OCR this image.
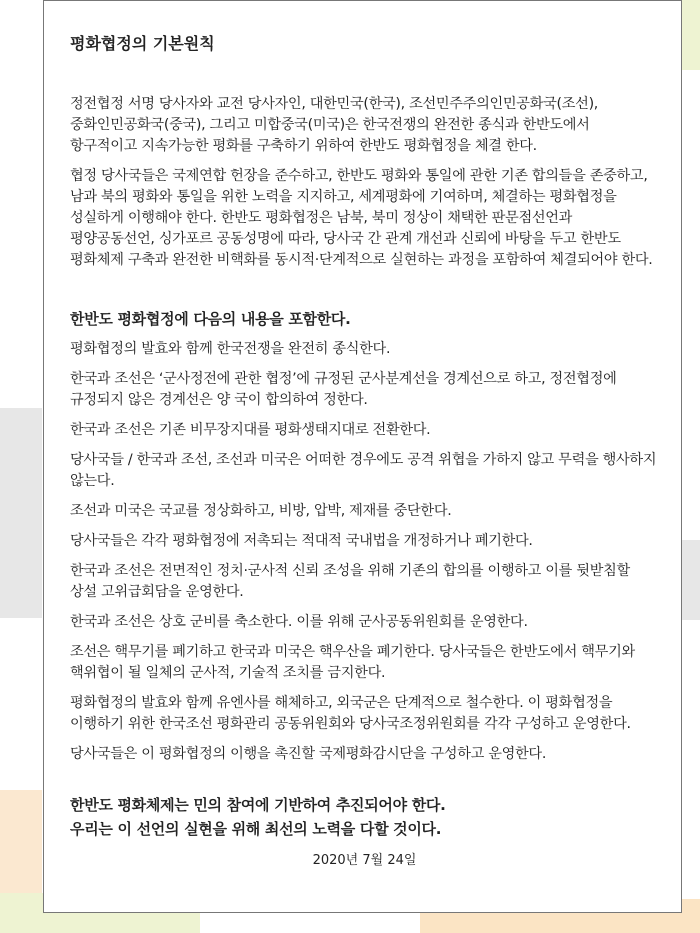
평화협정의 기본원칙

정전협정 서명 당사자와 교전 당사자인, 대한민국(한국), 조선민주주의인민공화국(조선), 중화인민공화국(중국), 그리고 미합중국(미국)은 한국전쟁의 완전한 종식과 한반도에서 항구적이고 지속가능한 평화를 구축하기 위하여 한반도 평화협정을 체결 한다.

협정 당사국들은 국제연합 헌장을 준수하고, 한반도 평화와 통일에 관한 기존 합의들을 존중하고, 남과 북의 평화와 통일을 위한 노력을 지지하고, 세계평화에 기여하며, 체결하는 평화협정을 성실하게 이행해야 한다. 한반도 평화협정은 남북, 북미 정상이 채택한 판문점선언과 평양공동선언, 싱가포르 공동성명에 따라, 당사국 간 관계 개선과 신뢰에 바탕을 두고 한반도 평화체제 구축과 완전한 비핵화를 동시적·단계적으로 실현하는 과정을 포함하여 체결되어야 한다.

한반도 평화협정에 다음의 내용을 포함한다.

평화협정의 발효와 함께 한국전쟁을 완전히 종식한다.

한국과 조선은 ‘군사정전에 관한 협정’에 규정된 군사분계선을 경계선으로 하고, 정전협정에 규정되지 않은 경계선은 양 국이 합의하여 정한다.

한국과 조선은 기존 비무장지대를 평화생태지대로 전환한다.

당사국들 / 한국과 조선, 조선과 미국은 어떠한 경우에도 공격 위협을 가하지 않고 무력을 행사하지 않는다.

조선과 미국은 국교를 정상화하고, 비방, 압박, 제재를 중단한다.

당사국들은 각각 평화협정에 저촉되는 적대적 국내법을 개정하거나 폐기한다.

한국과 조선은 전면적인 정치·군사적 신뢰 조성을 위해 기존의 합의를 이행하고 이를 뒷받침할 상설 고위급회담을 운영한다.

한국과 조선은 상호 군비를 축소한다. 이를 위해 군사공동위원회를 운영한다.

조선은 핵무기를 폐기하고 한국과 미국은 핵우산을 폐기한다. 당사국들은 한반도에서 핵무기와 핵위협이 될 일체의 군사적, 기술적 조치를 금지한다.

평화협정의 발효와 함께 유엔사를 해체하고, 외국군은 단계적으로 철수한다. 이 평화협정을 이행하기 위한 한국조선 평화관리 공동위원회와 당사국조정위원회를 각각 구성하고 운영한다.

당사국들은 이 평화협정의 이행을 촉진할 국제평화감시단을 구성하고 운영한다.

한반도 평화체제는 민의 참여에 기반하여 추진되어야 한다.

우리는 이 선언의 실현을 위해 최선의 노력을 다할 것이다.

2020년 7월 24일
